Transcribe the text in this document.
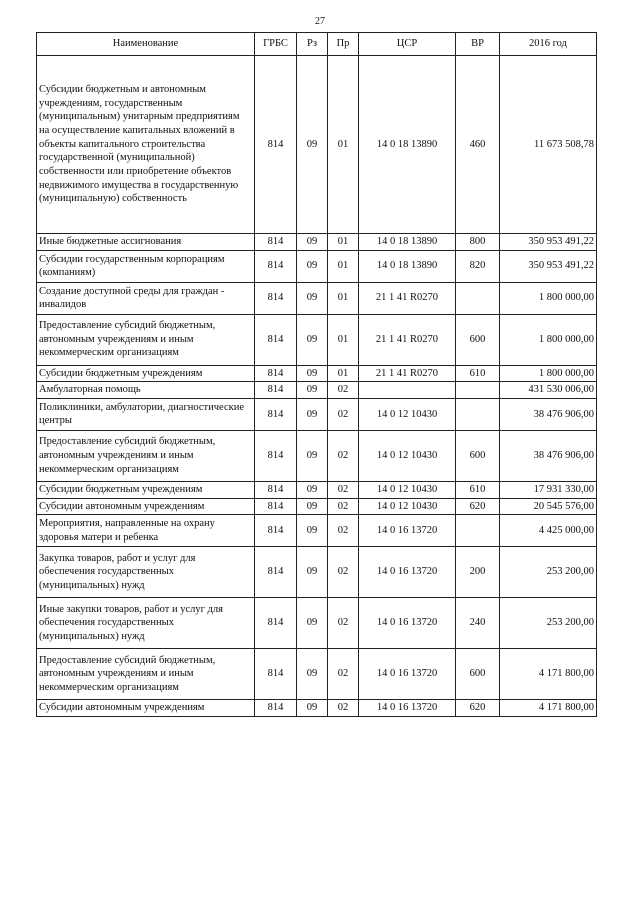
27
Наименование	ГРБС	Рз	Пр	ЦСР	ВР	2016 год
Субсидии бюджетным и автономным учреждениям, государственным (муниципальным) унитарным предприятиям на осуществление капитальных вложений в объекты капитального строительства государственной (муниципальной) собственности или приобретение объектов недвижимого имущества в государственную (муниципальную) собственность	814	09	01	14 0 18 13890	460	11 673 508,78
Иные бюджетные ассигнования	814	09	01	14 0 18 13890	800	350 953 491,22
Субсидии государственным корпорациям (компаниям)	814	09	01	14 0 18 13890	820	350 953 491,22
Создание доступной среды для граждан - инвалидов	814	09	01	21 1 41 R0270		1 800 000,00
Предоставление субсидий бюджетным, автономным учреждениям и иным некоммерческим организациям	814	09	01	21 1 41 R0270	600	1 800 000,00
Субсидии бюджетным учреждениям	814	09	01	21 1 41 R0270	610	1 800 000,00
Амбулаторная помощь	814	09	02			431 530 006,00
Поликлиники, амбулатории, диагностические центры	814	09	02	14 0 12 10430		38 476 906,00
Предоставление субсидий бюджетным, автономным учреждениям и иным некоммерческим организациям	814	09	02	14 0 12 10430	600	38 476 906,00
Субсидии бюджетным учреждениям	814	09	02	14 0 12 10430	610	17 931 330,00
Субсидии автономным учреждениям	814	09	02	14 0 12 10430	620	20 545 576,00
Мероприятия, направленные на охрану здоровья матери и ребенка	814	09	02	14 0 16 13720		4 425 000,00
Закупка товаров, работ и услуг для обеспечения государственных (муниципальных) нужд	814	09	02	14 0 16 13720	200	253 200,00
Иные закупки товаров, работ и услуг для обеспечения государственных (муниципальных) нужд	814	09	02	14 0 16 13720	240	253 200,00
Предоставление субсидий бюджетным, автономным учреждениям и иным некоммерческим организациям	814	09	02	14 0 16 13720	600	4 171 800,00
Субсидии автономным учреждениям	814	09	02	14 0 16 13720	620	4 171 800,00
